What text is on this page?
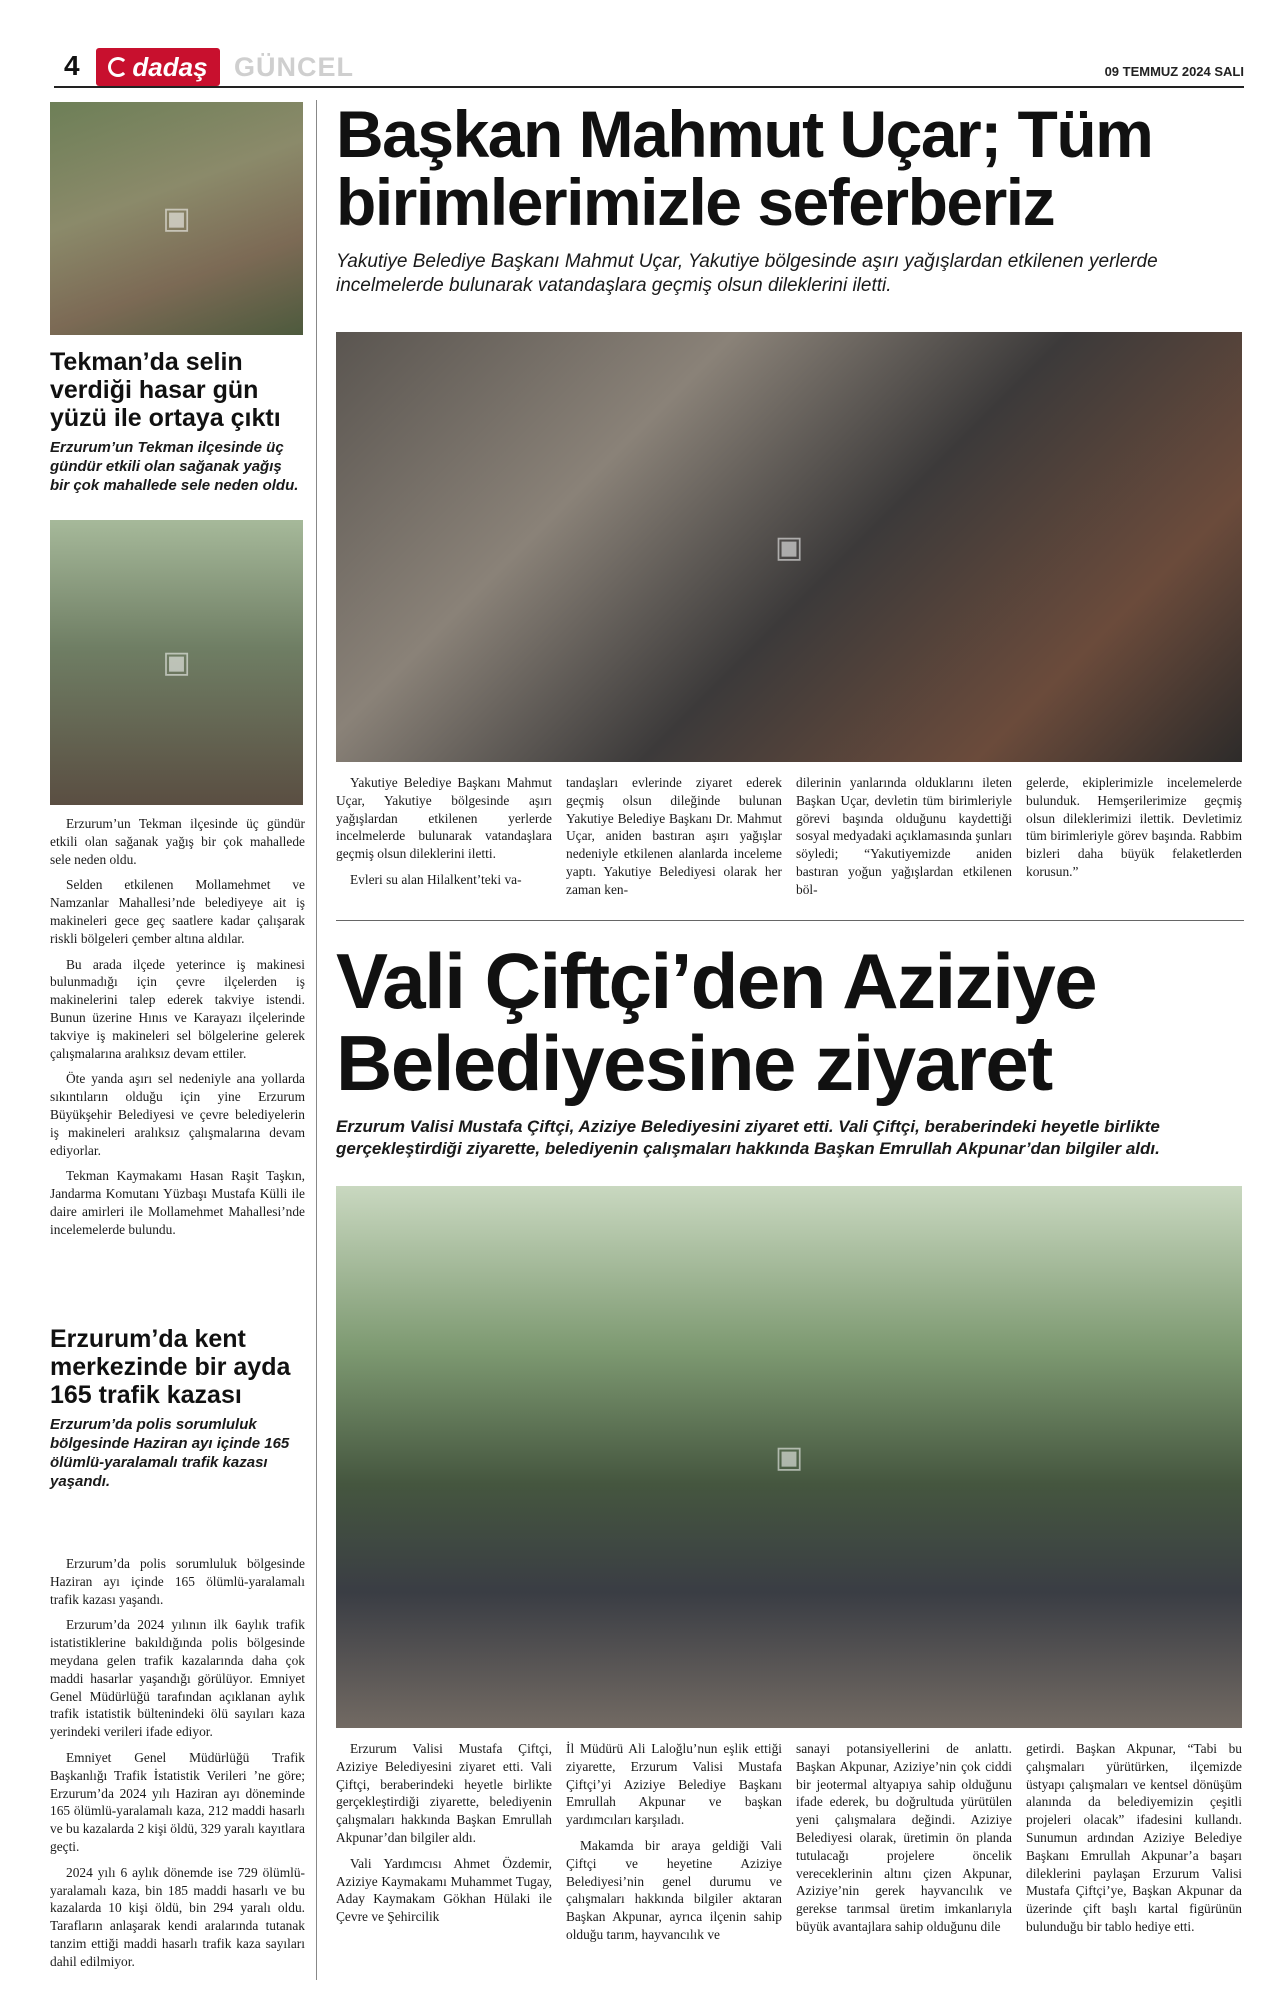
4 dadaş GÜNCEL	09 TEMMUZ 2024 SALI
▣
Tekman’da selin verdiği hasar gün yüzü ile ortaya çıktı
Erzurum’un Tekman ilçesinde üç gündür etkili olan sağanak yağış bir çok mahallede sele neden oldu.
▣

Erzurum’un Tekman ilçesinde üç gündür etkili olan sağanak yağış bir çok mahallede sele neden oldu.

Selden etkilenen Mollamehmet ve Namzanlar Mahallesi’nde belediyeye ait iş makineleri gece geç saatlere kadar çalışarak riskli bölgeleri çember altına aldılar.

Bu arada ilçede yeterince iş makinesi bulunmadığı için çevre ilçelerden iş makinelerini talep ederek takviye istendi. Bunun üzerine Hınıs ve Karayazı ilçelerinde takviye iş makineleri sel bölgelerine gelerek çalışmalarına aralıksız devam ettiler.

Öte yanda aşırı sel nedeniyle ana yollarda sıkıntıların olduğu için yine Erzurum Büyükşehir Belediyesi ve çevre belediyelerin iş makineleri aralıksız çalışmalarına devam ediyorlar.

Tekman Kaymakamı Hasan Raşit Taşkın, Jandarma Komutanı Yüzbaşı Mustafa Külli ile daire amirleri ile Mollamehmet Mahallesi’nde incelemelerde bulundu.

Erzurum’da kent merkezinde bir ayda 165 trafik kazası
Erzurum’da polis sorumluluk bölgesinde Haziran ayı içinde 165 ölümlü-yaralamalı trafik kazası yaşandı.

Erzurum’da polis sorumluluk bölgesinde Haziran ayı içinde 165 ölümlü-yaralamalı trafik kazası yaşandı.

Erzurum’da 2024 yılının ilk 6aylık trafik istatistiklerine bakıldığında polis bölgesinde meydana gelen trafik kazalarında daha çok maddi hasarlar yaşandığı görülüyor. Emniyet Genel Müdürlüğü tarafından açıklanan aylık trafik istatistik bültenindeki ölü sayıları kaza yerindeki verileri ifade ediyor.

Emniyet Genel Müdürlüğü Trafik Başkanlığı Trafik İstatistik Verileri ’ne göre; Erzurum’da 2024 yılı Haziran ayı döneminde 165 ölümlü-yaralamalı kaza, 212 maddi hasarlı ve bu kazalarda 2 kişi öldü, 329 yaralı kayıtlara geçti.

2024 yılı 6 aylık dönemde ise 729 ölümlü-yaralamalı kaza, bin 185 maddi hasarlı ve bu kazalarda 10 kişi öldü, bin 294 yaralı oldu. Tarafların anlaşarak kendi aralarında tutanak tanzim ettiği maddi hasarlı trafik kaza sayıları dahil edilmiyor.

Başkan Mahmut Uçar; Tüm birimlerimizle seferberiz
Yakutiye Belediye Başkanı Mahmut Uçar, Yakutiye bölgesinde aşırı yağışlardan etkilenen yerlerde incelmelerde bulunarak vatandaşlara geçmiş olsun dileklerini iletti.
▣

Yakutiye Belediye Başkanı Mahmut Uçar, Yakutiye bölgesinde aşırı yağışlardan etkilenen yerlerde incelmelerde bulunarak vatandaşlara geçmiş olsun dileklerini iletti.

Evleri su alan Hilalkent’teki va-

tandaşları evlerinde ziyaret ederek geçmiş olsun dileğinde bulunan Yakutiye Belediye Başkanı Dr. Mahmut Uçar, aniden bastıran aşırı yağışlar nedeniyle etkilenen alanlarda inceleme yaptı. Yakutiye Belediyesi olarak her zaman ken-

dilerinin yanlarında olduklarını ileten Başkan Uçar, devletin tüm birimleriyle görevi başında olduğunu kaydettiği sosyal medyadaki açıklamasında şunları söyledi; “Yakutiyemizde aniden bastıran yoğun yağışlardan etkilenen böl-

gelerde, ekiplerimizle incelemelerde bulunduk. Hemşerilerimize geçmiş olsun dileklerimizi ilettik. Devletimiz tüm birimleriyle görev başında. Rabbim bizleri daha büyük felaketlerden korusun.”

Vali Çiftçi’den Aziziye Belediyesine ziyaret
Erzurum Valisi Mustafa Çiftçi, Aziziye Belediyesini ziyaret etti. Vali Çiftçi, beraberindeki heyetle birlikte gerçekleştirdiği ziyarette, belediyenin çalışmaları hakkında Başkan Emrullah Akpunar’dan bilgiler aldı.
▣

Erzurum Valisi Mustafa Çiftçi, Aziziye Belediyesini ziyaret etti. Vali Çiftçi, beraberindeki heyetle birlikte gerçekleştirdiği ziyarette, belediyenin çalışmaları hakkında Başkan Emrullah Akpunar’dan bilgiler aldı.

Vali Yardımcısı Ahmet Özdemir, Aziziye Kaymakamı Muhammet Tugay, Aday Kaymakam Gökhan Hülaki ile Çevre ve Şehircilik

İl Müdürü Ali Laloğlu’nun eşlik ettiği ziyarette, Erzurum Valisi Mustafa Çiftçi’yi Aziziye Belediye Başkanı Emrullah Akpunar ve başkan yardımcıları karşıladı.

Makamda bir araya geldiği Vali Çiftçi ve heyetine Aziziye Belediyesi’nin genel durumu ve çalışmaları hakkında bilgiler aktaran Başkan Akpunar, ayrıca ilçenin sahip olduğu tarım, hayvancılık ve

sanayi potansiyellerini de anlattı. Başkan Akpunar, Aziziye’nin çok ciddi bir jeotermal altyapıya sahip olduğunu ifade ederek, bu doğrultuda yürütülen yeni çalışmalara değindi. Aziziye Belediyesi olarak, üretimin ön planda tutulacağı projelere öncelik vereceklerinin altını çizen Akpunar, Aziziye’nin gerek hayvancılık ve gerekse tarımsal üretim imkanlarıyla büyük avantajlara sahip olduğunu dile

getirdi. Başkan Akpunar, “Tabi bu çalışmaları yürütürken, ilçemizde üstyapı çalışmaları ve kentsel dönüşüm alanında da belediyemizin çeşitli projeleri olacak” ifadesini kullandı. Sunumun ardından Aziziye Belediye Başkanı Emrullah Akpunar’a başarı dileklerini paylaşan Erzurum Valisi Mustafa Çiftçi’ye, Başkan Akpunar da üzerinde çift başlı kartal figürünün bulunduğu bir tablo hediye etti.
